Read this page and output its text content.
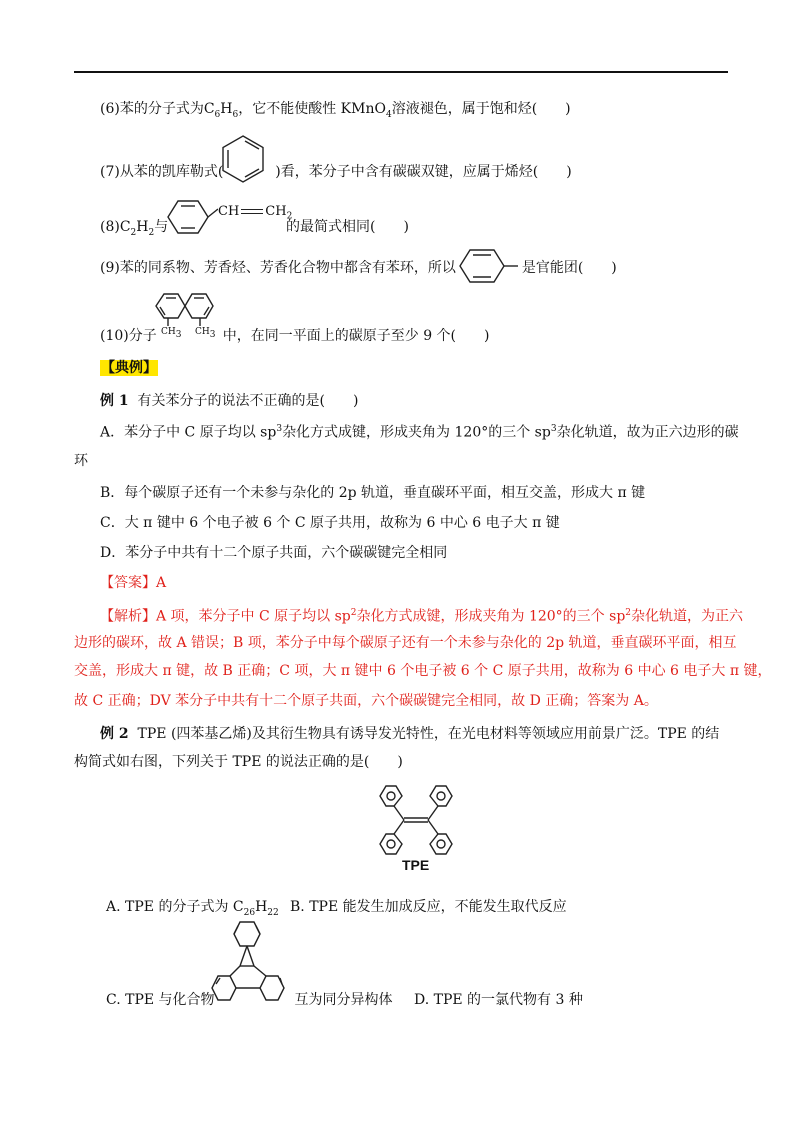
(6)苯的分子式为$C_6H_6$，它不能使酸性 KMnO$_4$溶液褪色，属于饱和烃(　　)
(7)从苯的凯库勒式(	)看，苯分子中含有碳碳双键，应属于烯烃(　　)
$(8)C_2H_2$与
CH $CH_2$
的最简式相同(　　)
(9)苯的同系物、芳香烃、芳香化合物中都含有苯环，所以	是官能团(　　)
(10)分子	中，在同一平面上的碳原子至少 9 个(　　)
CH3 CH3
【典例】
例 1 有关苯分子的说法不正确的是(　　)
A．苯分子中 C 原子均以 $sp^3$杂化方式成键，形成夹角为 120°的三个 $sp^3$杂化轨道，故为正六边形的碳
环
B．每个碳原子还有一个未参与杂化的 2p 轨道，垂直碳环平面，相互交盖，形成大 π 键
C．大 π 键中 6 个电子被 6 个 C 原子共用，故称为 6 中心 6 电子大 π 键
D．苯分子中共有十二个原子共面，六个碳碳键完全相同
【答案】A
【解析】A 项，苯分子中 C 原子均以 $sp^2$杂化方式成键，形成夹角为 120°的三个 $sp^2$杂化轨道，为正六
边形的碳环，故 A 错误；B 项，苯分子中每个碳原子还有一个未参与杂化的 2p 轨道，垂直碳环平面，相互
交盖，形成大 π 键，故 B 正确；C 项，大 π 键中 6 个电子被 6 个 C 原子共用，故称为 6 中心 6 电子大 π 键，
故 C 正确；DV 苯分子中共有十二个原子共面，六个碳碳键完全相同，故 D 正确；答案为 A。
例 2 TPE (四苯基乙烯)及其衍生物具有诱导发光特性，在光电材料等领域应用前景广泛。TPE 的结
构简式如右图，下列关于 TPE 的说法正确的是(　　)
TPE
A. TPE 的分子式为 $C_{26}H_{22}$ B. TPE 能发生加成反应，不能发生取代反应
C. TPE 与化合物	互为同分异构体 D. TPE 的一氯代物有 3 种
